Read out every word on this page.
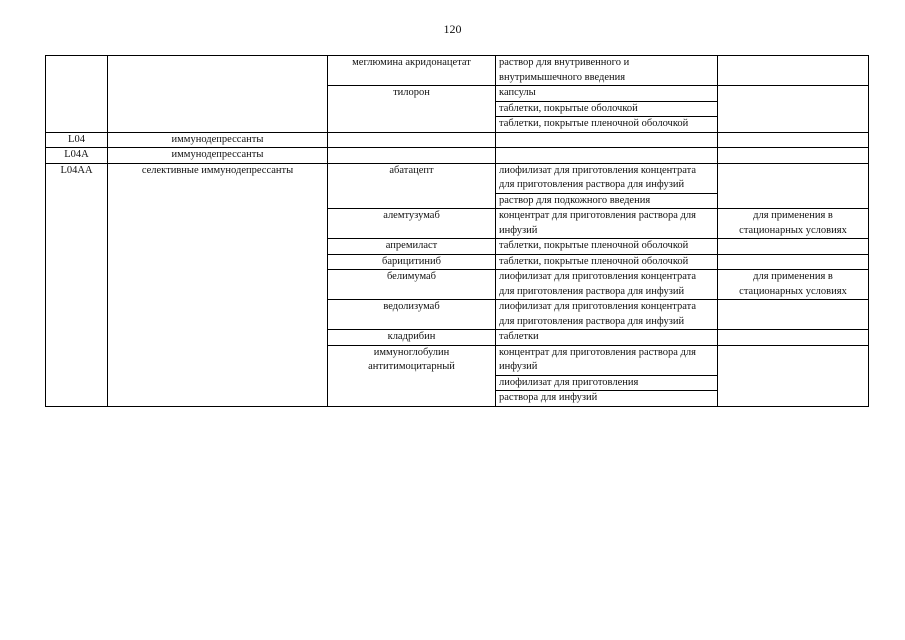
120
		меглюмина акридонацетат	раствор для внутривенного и внутримышечного введения	
		тилорон	капсулы	
			таблетки, покрытые оболочкой	
			таблетки, покрытые пленочной оболочкой	
L04	иммунодепрессанты			
L04A	иммунодепрессанты			
L04AA	селективные иммунодепрессанты	абатацепт	лиофилизат для приготовления концентрата для приготовления раствора для инфузий	
			раствор для подкожного введения	
		алемтузумаб	концентрат для приготовления раствора для инфузий	для применения в стационарных условиях
		апремиласт	таблетки, покрытые пленочной оболочкой	
		барицитиниб	таблетки, покрытые пленочной оболочкой	
		белимумаб	лиофилизат для приготовления концентрата для приготовления раствора для инфузий	для применения в стационарных условиях
		ведолизумаб	лиофилизат для приготовления концентрата для приготовления раствора для инфузий	
		кладрибин	таблетки	
		иммуноглобулин антитимоцитарный	концентрат для приготовления раствора для инфузий	
			лиофилизат для приготовления	
			раствора для инфузий	
